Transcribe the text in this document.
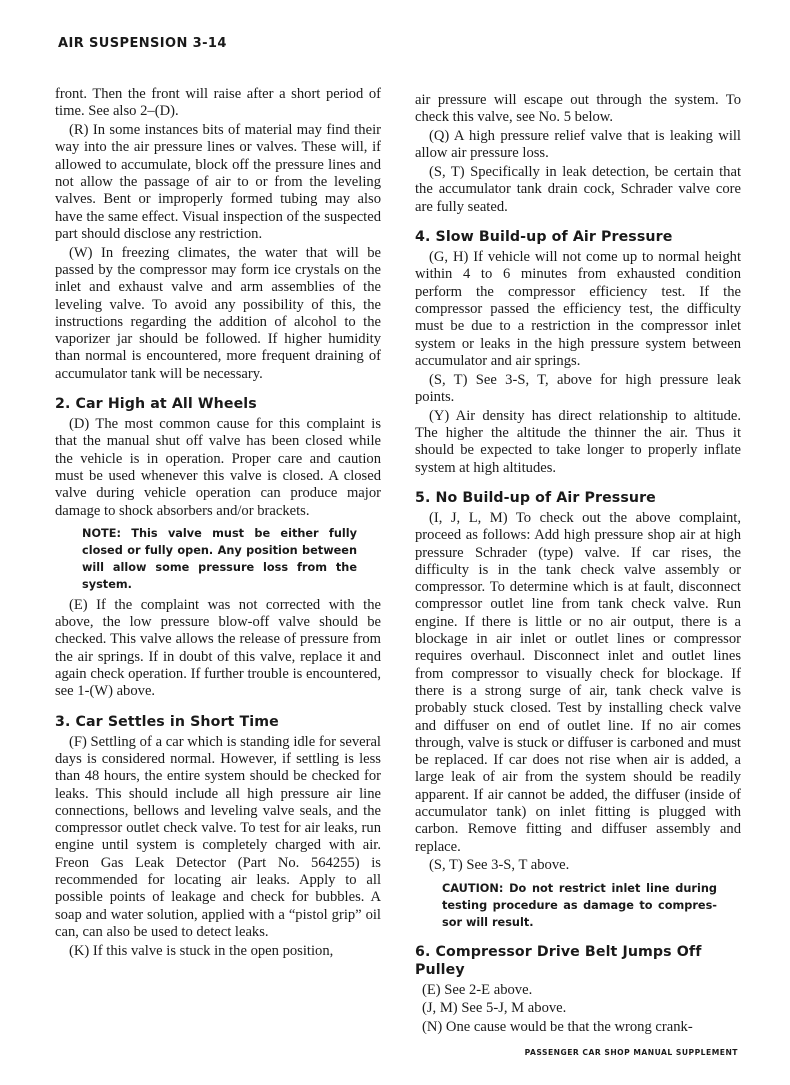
AIR SUSPENSION 3-14

front. Then the front will raise after a short period of time. See also 2–(D).

(R) In some instances bits of material may find their way into the air pressure lines or valves. These will, if allowed to accumulate, block off the pressure lines and not allow the passage of air to or from the leveling valves. Bent or improperly formed tubing may also have the same effect. Visual inspection of the suspected part should disclose any restriction.

(W) In freezing climates, the water that will be passed by the compressor may form ice crystals on the inlet and exhaust valve and arm assemblies of the leveling valve. To avoid any possibility of this, the instructions regarding the addition of alcohol to the vaporizer jar should be followed. If higher humidity than normal is encountered, more frequent draining of accumulator tank will be necessary.

2. Car High at All Wheels

(D) The most common cause for this complaint is that the manual shut off valve has been closed while the vehicle is in operation. Proper care and caution must be used whenever this valve is closed. A closed valve during vehicle operation can produce major damage to shock absorbers and/or brackets.

NOTE: This valve must be either fully closed or fully open. Any position between will allow some pressure loss from the system.

(E) If the complaint was not corrected with the above, the low pressure blow-off valve should be checked. This valve allows the release of pressure from the air springs. If in doubt of this valve, replace it and again check operation. If further trouble is encountered, see 1-(W) above.

3. Car Settles in Short Time

(F) Settling of a car which is standing idle for several days is considered normal. However, if settling is less than 48 hours, the entire system should be checked for leaks. This should include all high pressure air line connections, bellows and leveling valve seals, and the compressor outlet check valve. To test for air leaks, run engine until system is completely charged with air. Freon Gas Leak Detector (Part No. 564255) is recommended for locating air leaks. Apply to all possible points of leakage and check for bubbles. A soap and water solution, applied with a “pistol grip” oil can, can also be used to detect leaks.

(K) If this valve is stuck in the open position,

air pressure will escape out through the system. To check this valve, see No. 5 below.

(Q) A high pressure relief valve that is leaking will allow air pressure loss.

(S, T) Specifically in leak detection, be certain that the accumulator tank drain cock, Schrader valve core are fully seated.

4. Slow Build-up of Air Pressure

(G, H) If vehicle will not come up to normal height within 4 to 6 minutes from exhausted condition perform the compressor efficiency test. If the compressor passed the efficiency test, the difficulty must be due to a restriction in the compressor inlet system or leaks in the high pressure system between accumulator and air springs.

(S, T) See 3-S, T, above for high pressure leak points.

(Y) Air density has direct relationship to altitude. The higher the altitude the thinner the air. Thus it should be expected to take longer to properly inflate system at high altitudes.

5. No Build-up of Air Pressure

(I, J, L, M) To check out the above complaint, proceed as follows: Add high pressure shop air at high pressure Schrader (type) valve. If car rises, the difficulty is in the tank check valve assembly or compressor. To determine which is at fault, disconnect compressor outlet line from tank check valve. Run engine. If there is little or no air output, there is a blockage in air inlet or outlet lines or compressor requires overhaul. Disconnect inlet and outlet lines from compressor to visually check for blockage. If there is a strong surge of air, tank check valve is probably stuck closed. Test by installing check valve and diffuser on end of outlet line. If no air comes through, valve is stuck or diffuser is carboned and must be replaced. If car does not rise when air is added, a large leak of air from the system should be readily apparent. If air cannot be added, the diffuser (inside of accumulator tank) on inlet fitting is plugged with carbon. Remove fitting and diffuser assembly and replace.

(S, T) See 3-S, T above.

CAUTION: Do not restrict inlet line during testing procedure as damage to compressor will result.
6. Compressor Drive Belt Jumps Off Pulley

(E) See 2-E above.

(J, M) See 5-J, M above.

(N) One cause would be that the wrong crank-

PASSENGER CAR SHOP MANUAL SUPPLEMENT
